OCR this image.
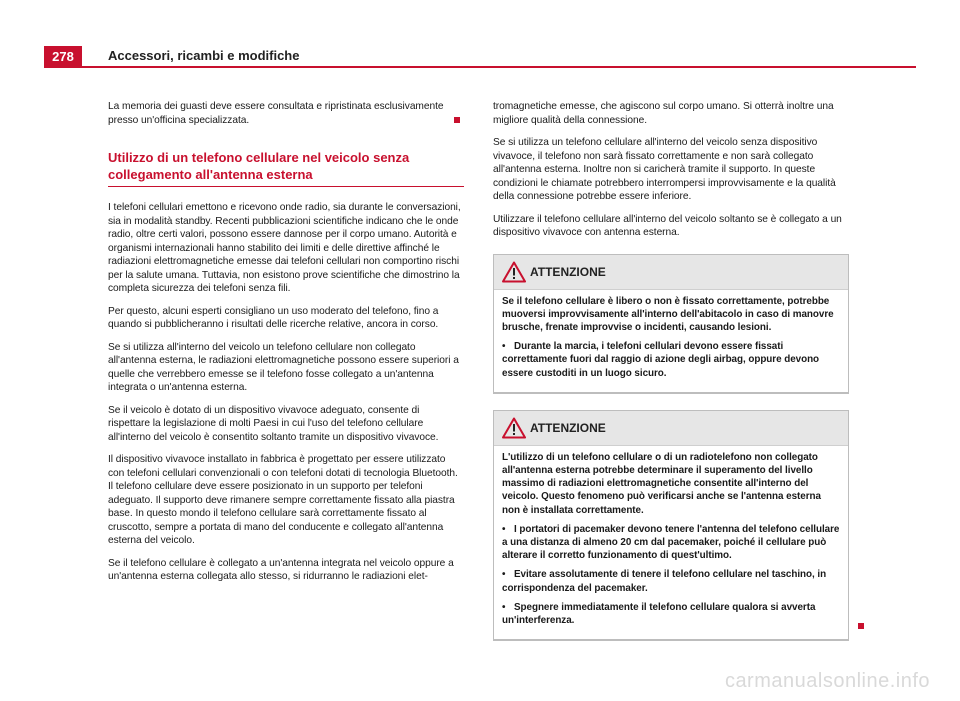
278	Accessori, ricambi e modifiche

La memoria dei guasti deve essere consultata e ripristinata esclusivamente presso un'officina specializzata.

Utilizzo di un telefono cellulare nel veicolo senza collegamento all'antenna esterna

I telefoni cellulari emettono e ricevono onde radio, sia durante le conversazioni, sia in modalità standby. Recenti pubblicazioni scientifiche indicano che le onde radio, oltre certi valori, possono essere dannose per il corpo umano. Autorità e organismi internazionali hanno stabilito dei limiti e delle direttive affinché le radiazioni elettromagnetiche emesse dai telefoni cellulari non comportino rischi per la salute umana. Tuttavia, non esistono prove scientifiche che dimostrino la completa sicurezza dei telefoni senza fili.

Per questo, alcuni esperti consigliano un uso moderato del telefono, fino a quando si pubblicheranno i risultati delle ricerche relative, ancora in corso.

Se si utilizza all'interno del veicolo un telefono cellulare non collegato all'antenna esterna, le radiazioni elettromagnetiche possono essere superiori a quelle che verrebbero emesse se il telefono fosse collegato a un'antenna integrata o un'antenna esterna.

Se il veicolo è dotato di un dispositivo vivavoce adeguato, consente di rispettare la legislazione di molti Paesi in cui l'uso del telefono cellulare all'interno del veicolo è consentito soltanto tramite un dispositivo vivavoce.

Il dispositivo vivavoce installato in fabbrica è progettato per essere utilizzato con telefoni cellulari convenzionali o con telefoni dotati di tecnologia Bluetooth. Il telefono cellulare deve essere posizionato in un supporto per telefoni adeguato. Il supporto deve rimanere sempre correttamente fissato alla piastra base. In questo mondo il telefono cellulare sarà correttamente fissato al cruscotto, sempre a portata di mano del conducente e collegato all'antenna esterna del veicolo.

Se il telefono cellulare è collegato a un'antenna integrata nel veicolo oppure a un'antenna esterna collegata allo stesso, si ridurranno le radiazioni elet-

tromagnetiche emesse, che agiscono sul corpo umano. Si otterrà inoltre una migliore qualità della connessione.

Se si utilizza un telefono cellulare all'interno del veicolo senza dispositivo vivavoce, il telefono non sarà fissato correttamente e non sarà collegato all'antenna esterna. Inoltre non si caricherà tramite il supporto. In queste condizioni le chiamate potrebbero interrompersi improvvisamente e la qualità della connessione potrebbe essere inferiore.

Utilizzare il telefono cellulare all'interno del veicolo soltanto se è collegato a un dispositivo vivavoce con antenna esterna.

ATTENZIONE

Se il telefono cellulare è libero o non è fissato correttamente, potrebbe muoversi improvvisamente all'interno dell'abitacolo in caso di manovre brusche, frenate improvvise o incidenti, causando lesioni.

• Durante la marcia, i telefoni cellulari devono essere fissati correttamente fuori dal raggio di azione degli airbag, oppure devono essere custoditi in un luogo sicuro.

ATTENZIONE

L'utilizzo di un telefono cellulare o di un radiotelefono non collegato all'antenna esterna potrebbe determinare il superamento del livello massimo di radiazioni elettromagnetiche consentite all'interno del veicolo. Questo fenomeno può verificarsi anche se l'antenna esterna non è installata correttamente.

• I portatori di pacemaker devono tenere l'antenna del telefono cellulare a una distanza di almeno 20 cm dal pacemaker, poiché il cellulare può alterare il corretto funzionamento di quest'ultimo.

• Evitare assolutamente di tenere il telefono cellulare nel taschino, in corrispondenza del pacemaker.

• Spegnere immediatamente il telefono cellulare qualora si avverta un'interferenza.

carmanualsonline.info
